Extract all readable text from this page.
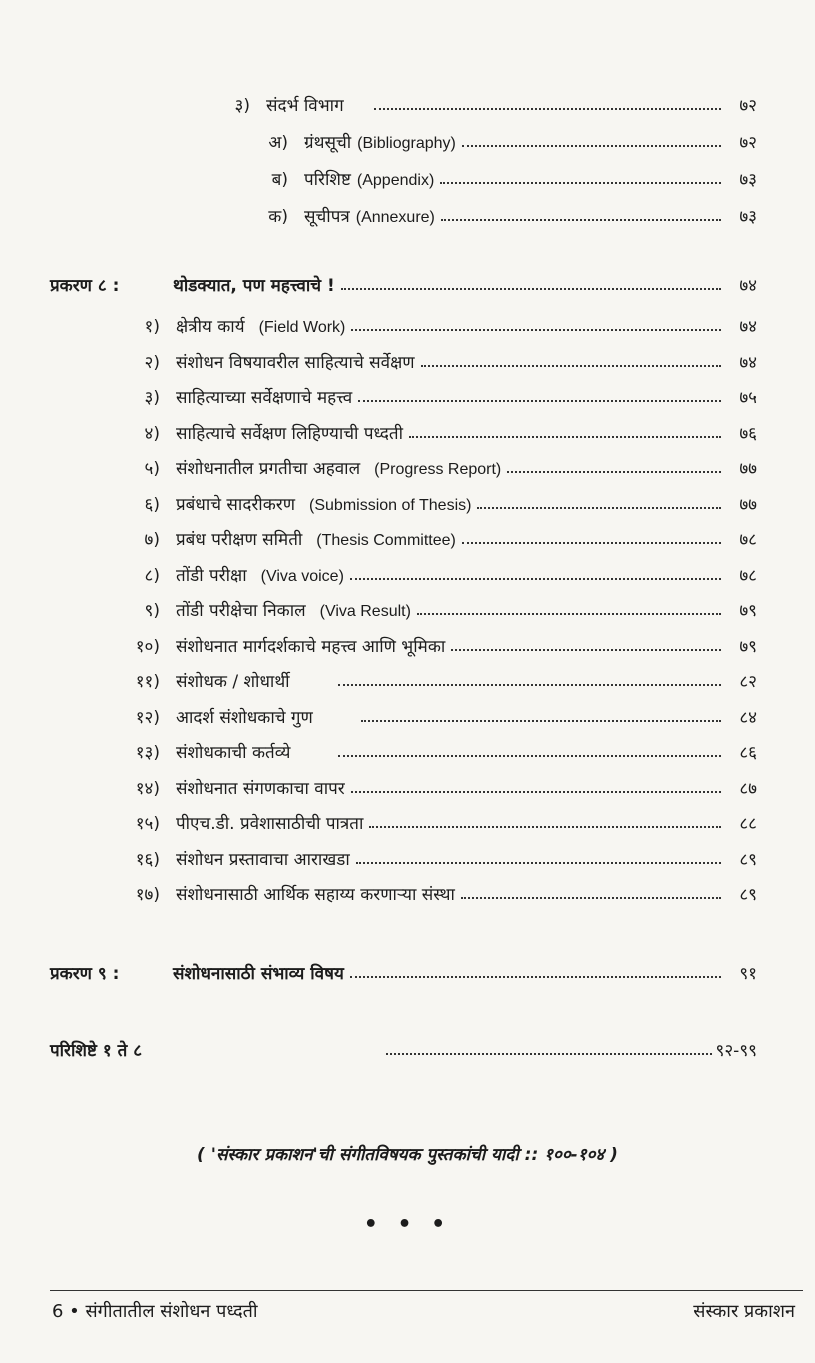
३) संदर्भ विभाग	७२
अ) ग्रंथसूची (Bibliography)	७२
ब) परिशिष्ट (Appendix)	७३
क) सूचीपत्र (Annexure)	७३
प्रकरण ८ :	थोडक्यात, पण महत्त्वाचे !	७४
१) क्षेत्रीय कार्य (Field Work)	७४
२) संशोधन विषयावरील साहित्याचे सर्वेक्षण	७४
३) साहित्याच्या सर्वेक्षणाचे महत्त्व	७५
४) साहित्याचे सर्वेक्षण लिहिण्याची पध्दती	७६
५) संशोधनातील प्रगतीचा अहवाल (Progress Report)	७७
६) प्रबंधाचे सादरीकरण (Submission of Thesis)	७७
७) प्रबंध परीक्षण समिती (Thesis Committee)	७८
८) तोंडी परीक्षा (Viva voice)	७८
९) तोंडी परीक्षेचा निकाल (Viva Result)	७९
१०) संशोधनात मार्गदर्शकाचे महत्त्व आणि भूमिका	७९
११) संशोधक / शोधार्थी	८२
१२) आदर्श संशोधकाचे गुण	८४
१३) संशोधकाची कर्तव्ये	८६
१४) संशोधनात संगणकाचा वापर	८७
१५) पीएच.डी. प्रवेशासाठीची पात्रता	८८
१६) संशोधन प्रस्तावाचा आराखडा	८९
१७) संशोधनासाठी आर्थिक सहाय्य करणाऱ्या संस्था	८९
प्रकरण ९ :	संशोधनासाठी संभाव्य विषय	९१
परिशिष्टे १ ते ८	९२-९९
( 'संस्कार प्रकाशन'ची संगीतविषयक पुस्तकांची यादी :: १००-१०४ )
• • •
6 • संगीतातील संशोधन पध्दती	संस्कार प्रकाशन
